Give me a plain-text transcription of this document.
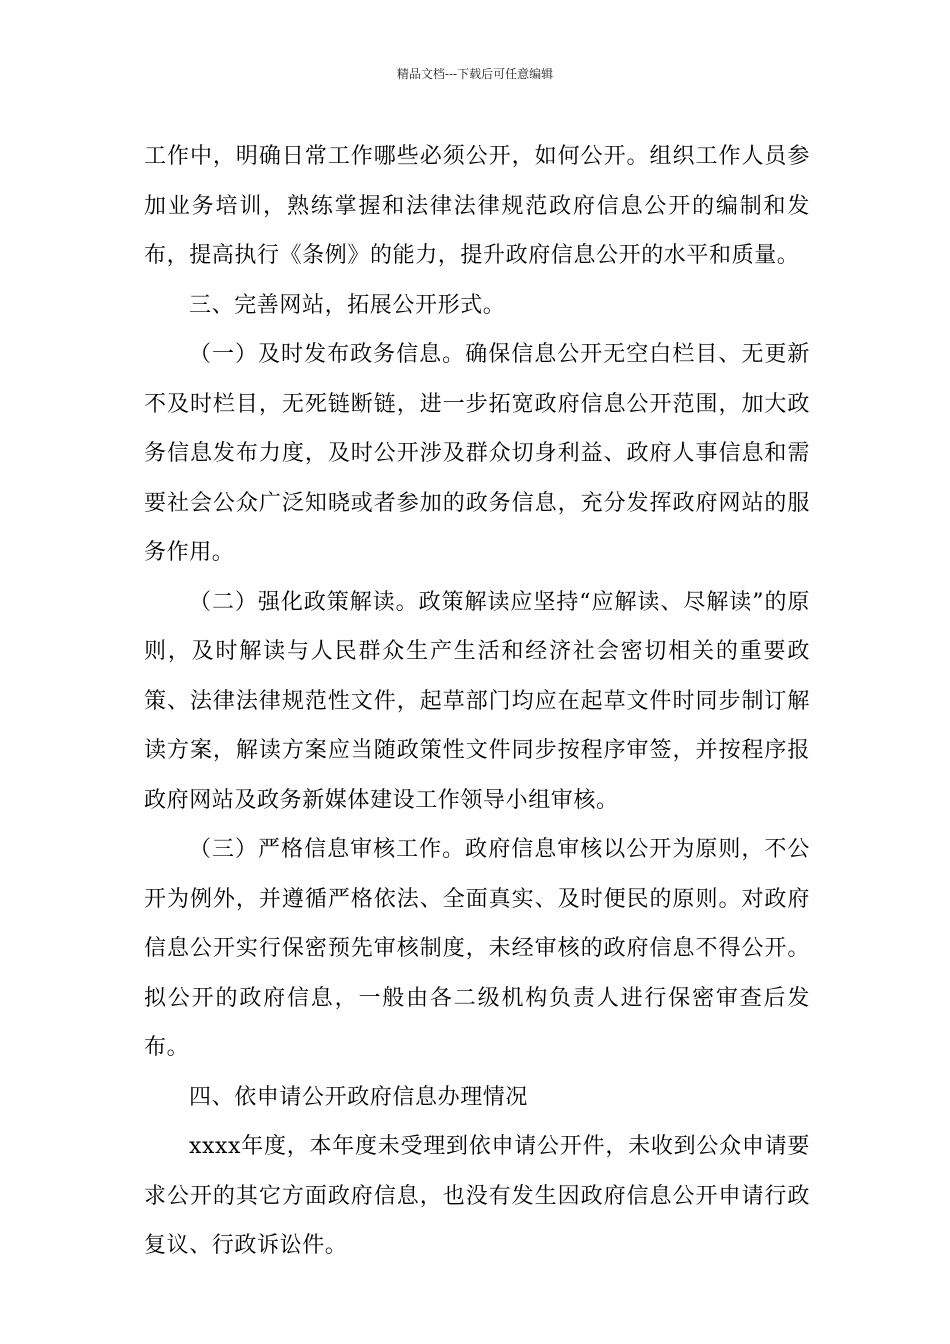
精品文档---下载后可任意编辑

工作中，明确日常工作哪些必须公开，如何公开。组织工作人员参加业务培训，熟练掌握和法律法律规范政府信息公开的编制和发布，提高执行《条例》的能力，提升政府信息公开的水平和质量。

三、完善网站，拓展公开形式。

（一）及时发布政务信息。确保信息公开无空白栏目、无更新不及时栏目，无死链断链，进一步拓宽政府信息公开范围，加大政务信息发布力度，及时公开涉及群众切身利益、政府人事信息和需要社会公众广泛知晓或者参加的政务信息，充分发挥政府网站的服务作用。

（二）强化政策解读。政策解读应坚持“应解读、尽解读”的原则，及时解读与人民群众生产生活和经济社会密切相关的重要政策、法律法律规范性文件，起草部门均应在起草文件时同步制订解读方案，解读方案应当随政策性文件同步按程序审签，并按程序报政府网站及政务新媒体建设工作领导小组审核。

（三）严格信息审核工作。政府信息审核以公开为原则，不公开为例外，并遵循严格依法、全面真实、及时便民的原则。对政府信息公开实行保密预先审核制度，未经审核的政府信息不得公开。拟公开的政府信息，一般由各二级机构负责人进行保密审查后发布。

四、依申请公开政府信息办理情况

xxxx年度，本年度未受理到依申请公开件，未收到公众申请要求公开的其它方面政府信息，也没有发生因政府信息公开申请行政复议、行政诉讼件。
